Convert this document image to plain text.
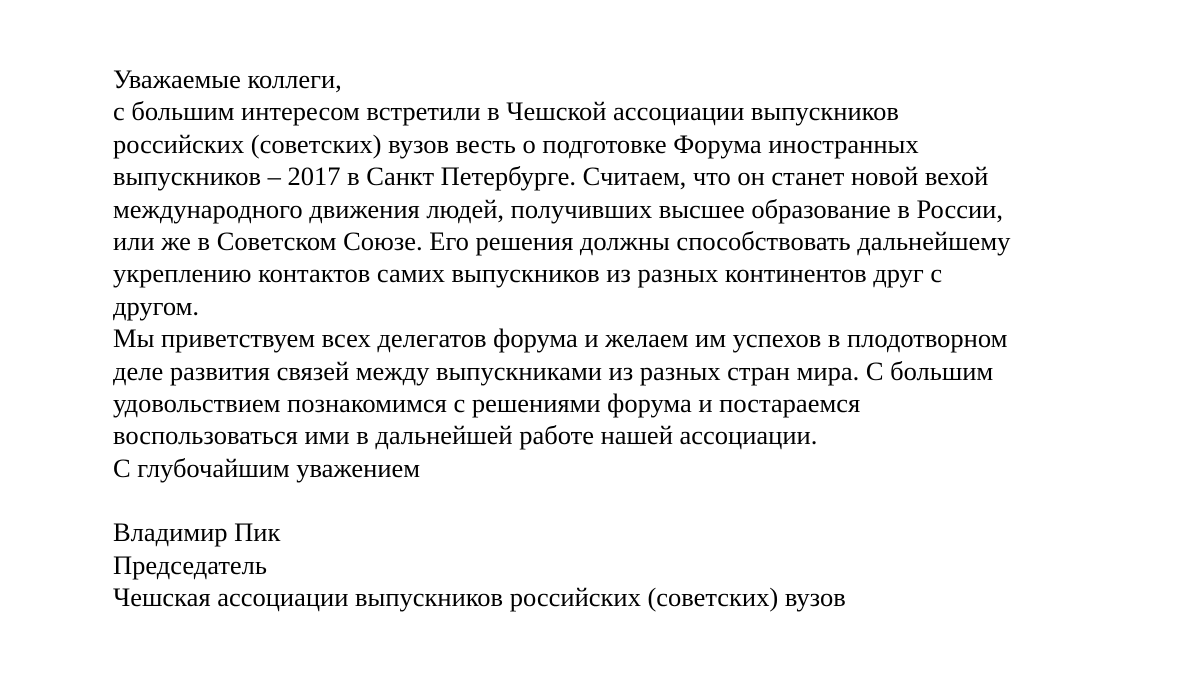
Уважаемые коллеги,
с большим интересом встретили в Чешской ассоциации выпускников
российских (советских) вузов весть о подготовке Форума иностранных
выпускников – 2017 в Санкт Петербурге. Считаем, что он станет новой вехой
международного движения людей, получивших высшее образование в России,
или же в Советском Союзе. Его решения должны способствовать дальнейшему
укреплению контактов самих выпускников из разных континентов друг с
другом.
Мы приветствуем всех делегатов форума и желаем им успехов в плодотворном
деле развития связей между выпускниками из разных стран мира. С большим
удовольствием познакомимся с решениями форума и постараемся
воспользоваться ими в дальнейшей работе нашей ассоциации.
С глубочайшим уважением
Владимир Пик
Председатель
Чешская ассоциации выпускников российских (советских) вузов
